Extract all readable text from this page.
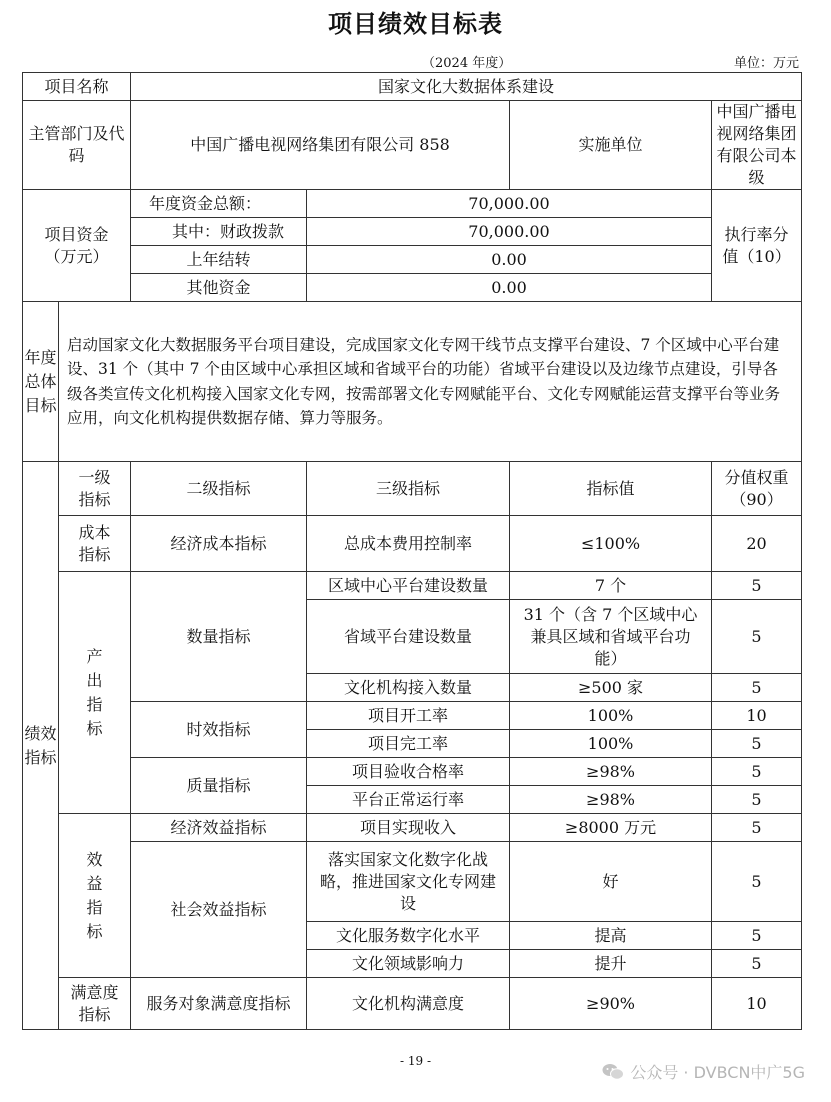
项目绩效目标表
（2024 年度）	单位：万元
项目名称		国家文化大数据体系建设			
主管部门及代码		中国广播电视网络集团有限公司 858		实施单位	中国广播电视网络集团有限公司本级
项目资金（万元）		年度资金总额：	70,000.00		执行率分值（10）
		其中：财政拨款	70,000.00		
		上年结转	0.00		
		其他资金	0.00		
年度总体目标	启动国家文化大数据服务平台项目建设，完成国家文化专网干线节点支撑平台建设、7 个区域中心平台建设、31 个（其中 7 个由区域中心承担区域和省域平台的功能）省域平台建设以及边缘节点建设，引导各级各类宣传文化机构接入国家文化专网，按需部署文化专网赋能平台、文化专网赋能运营支撑平台等业务应用，向文化机构提供数据存储、算力等服务。				
绩效指标	一级指标	二级指标	三级指标	指标值	分值权重（90）
	成本指标	经济成本指标	总成本费用控制率	≤100%	20
	产出指标	数量指标	区域中心平台建设数量	7 个	5
			省域平台建设数量	31 个（含 7 个区域中心兼具区域和省域平台功能）	5
			文化机构接入数量	≥500 家	5
		时效指标	项目开工率	100%	10
			项目完工率	100%	5
		质量指标	项目验收合格率	≥98%	5
			平台正常运行率	≥98%	5
	效益指标	经济效益指标	项目实现收入	≥8000 万元	5
		社会效益指标	落实国家文化数字化战略，推进国家文化专网建设	好	5
			文化服务数字化水平	提高	5
			文化领域影响力	提升	5
	满意度指标	服务对象满意度指标	文化机构满意度	≥90%	10
- 19 -
公众号 · DVBCN中广5G
